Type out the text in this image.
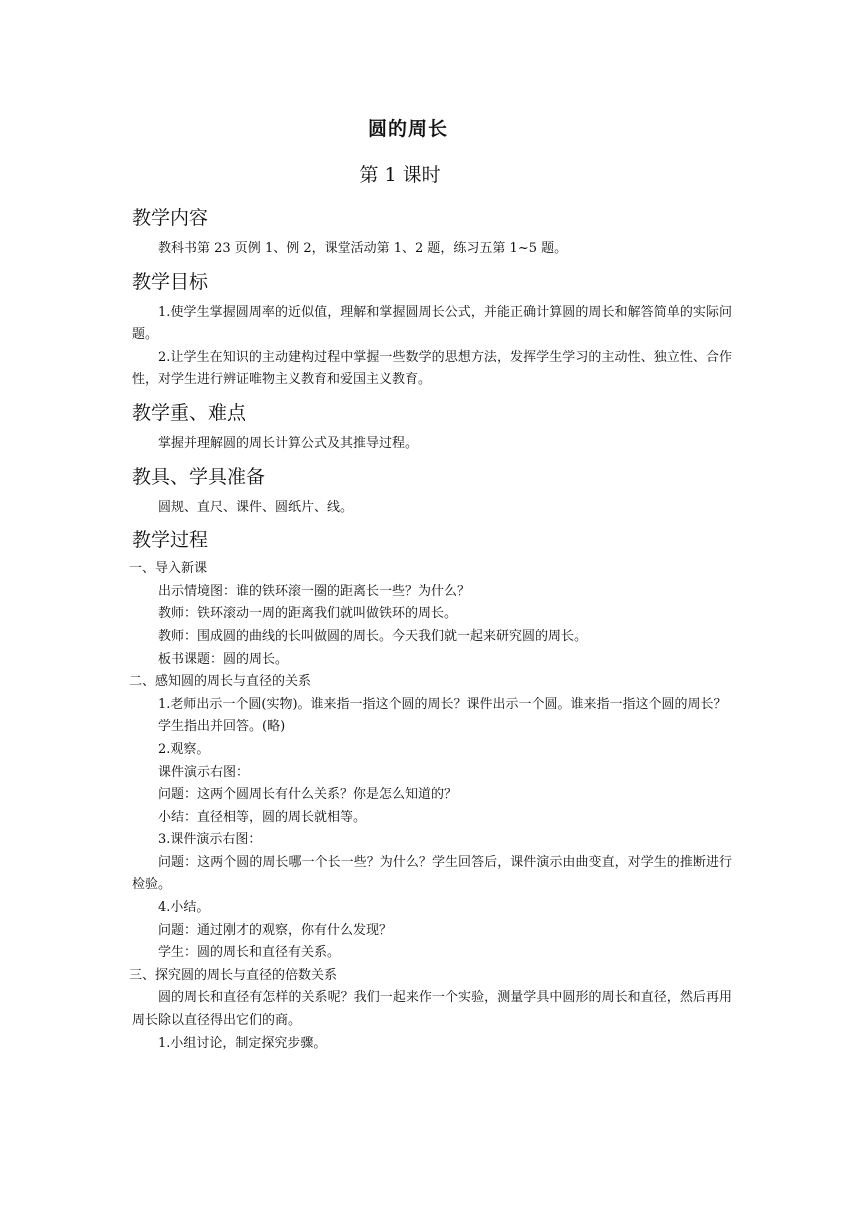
圆的周长
第 1 课时
教学内容

教科书第 23 页例 1、例 2，课堂活动第 1、2 题，练习五第 1~5 题。

教学目标

1.使学生掌握圆周率的近似值，理解和掌握圆周长公式，并能正确计算圆的周长和解答简单的实际问题。

2.让学生在知识的主动建构过程中掌握一些数学的思想方法，发挥学生学习的主动性、独立性、合作性，对学生进行辨证唯物主义教育和爱国主义教育。

教学重、难点

掌握并理解圆的周长计算公式及其推导过程。

教具、学具准备

圆规、直尺、课件、圆纸片、线。

教学过程

一、导入新课

出示情境图：谁的铁环滚一圈的距离长一些？为什么？

教师：铁环滚动一周的距离我们就叫做铁环的周长。

教师：围成圆的曲线的长叫做圆的周长。今天我们就一起来研究圆的周长。

板书课题：圆的周长。

二、感知圆的周长与直径的关系

1.老师出示一个圆(实物)。谁来指一指这个圆的周长？课件出示一个圆。谁来指一指这个圆的周长？

学生指出并回答。(略)

2.观察。

课件演示右图：

问题：这两个圆周长有什么关系？你是怎么知道的？

小结：直径相等，圆的周长就相等。

3.课件演示右图：

问题：这两个圆的周长哪一个长一些？为什么？学生回答后，课件演示由曲变直，对学生的推断进行检验。

4.小结。

问题：通过刚才的观察，你有什么发现？

学生：圆的周长和直径有关系。

三、探究圆的周长与直径的倍数关系

圆的周长和直径有怎样的关系呢？我们一起来作一个实验，测量学具中圆形的周长和直径，然后再用周长除以直径得出它们的商。

1.小组讨论，制定探究步骤。
